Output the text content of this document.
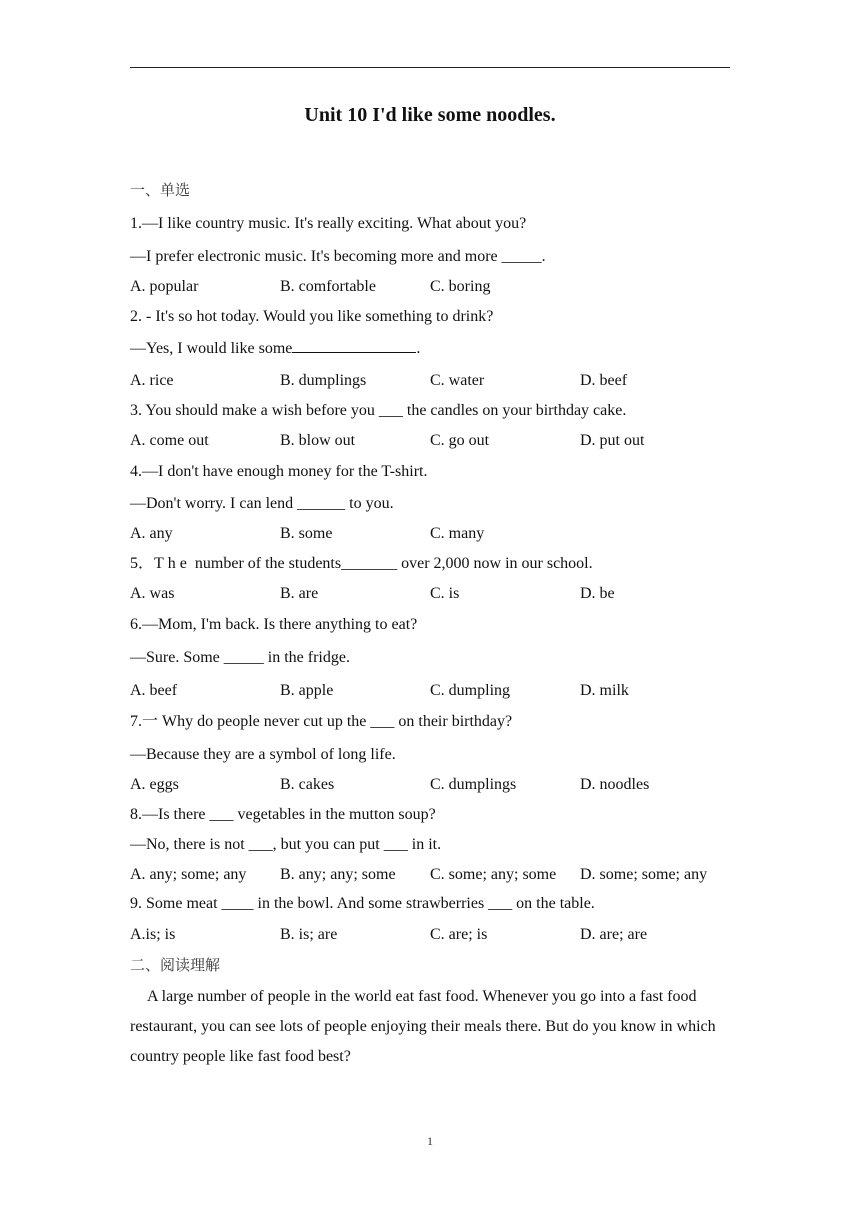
Unit 10 I'd like some noodles.
一、单选
1.—I like country music. It's really exciting. What about you?
—I prefer electronic music. It's becoming more and more _____.
A. popular	B. comfortable	C. boring
2. - It's so hot today. Would you like something to drink?
—Yes, I would like some	.
A. rice	B. dumplings	C. water	D. beef
3. You should make a wish before you ___ the candles on your birthday cake.
A. come out	B. blow out	C. go out	D. put out
4.—I don't have enough money for the T-shirt.
—Don't worry. I can lend ______ to you.
A. any	B. some	C. many
5．The number of the students_______ over 2,000 now in our school.
A. was	B. are	C. is	D. be
6.—Mom, I'm back. Is there anything to eat?
—Sure. Some _____ in the fridge.
A. beef	B. apple	C. dumpling	D. milk
7.一 Why do people never cut up the ___ on their birthday?
—Because they are a symbol of long life.
A. eggs	B. cakes	C. dumplings	D. noodles
8.—Is there ___ vegetables in the mutton soup?
—No, there is not ___, but you can put ___ in it.
A. any; some; any B. any; any; some C. some; any; some D. some; some; any
9. Some meat ____ in the bowl. And some strawberries ___ on the table.
A.is; is	B. is; are	C. are; is	D. are; are
二、阅读理解
A large number of people in the world eat fast food. Whenever you go into a fast food restaurant, you can see lots of people enjoying their meals there. But do you know in which country people like fast food best?
1
